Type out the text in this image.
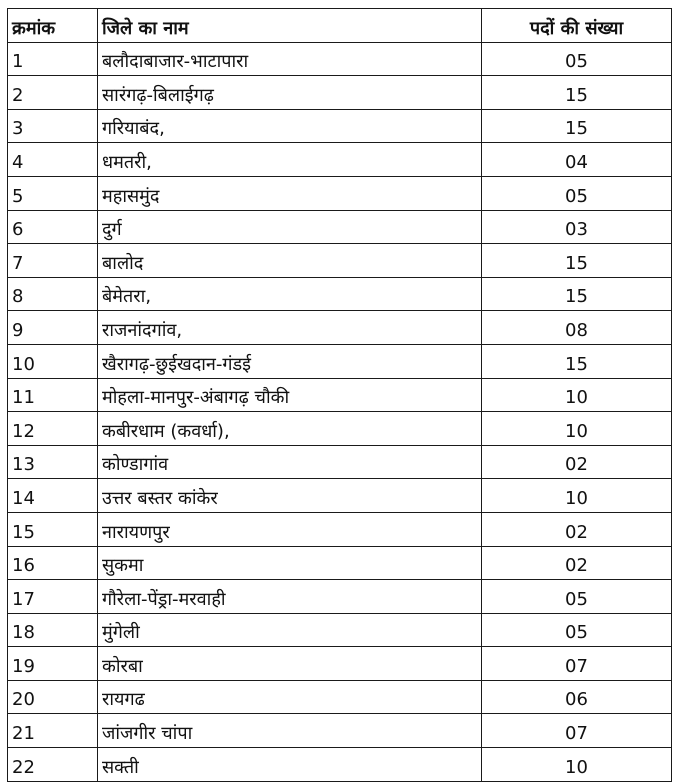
क्रमांक	जिले का नाम	पदों की संख्या
1	बलौदाबाजार-भाटापारा	05
2	सारंगढ़-बिलाईगढ़	15
3	गरियाबंद,	15
4	धमतरी,	04
5	महासमुंद	05
6	दुर्ग	03
7	बालोद	15
8	बेमेतरा,	15
9	राजनांदगांव,	08
10	खैरागढ़-छुईखदान-गंडई	15
11	मोहला-मानपुर-अंबागढ़ चौकी	10
12	कबीरधाम (कवर्धा),	10
13	कोण्डागांव	02
14	उत्तर बस्तर कांकेर	10
15	नारायणपुर	02
16	सुकमा	02
17	गौरेला-पेंड्रा-मरवाही	05
18	मुंगेली	05
19	कोरबा	07
20	रायगढ	06
21	जांजगीर चांपा	07
22	सक्ती	10
